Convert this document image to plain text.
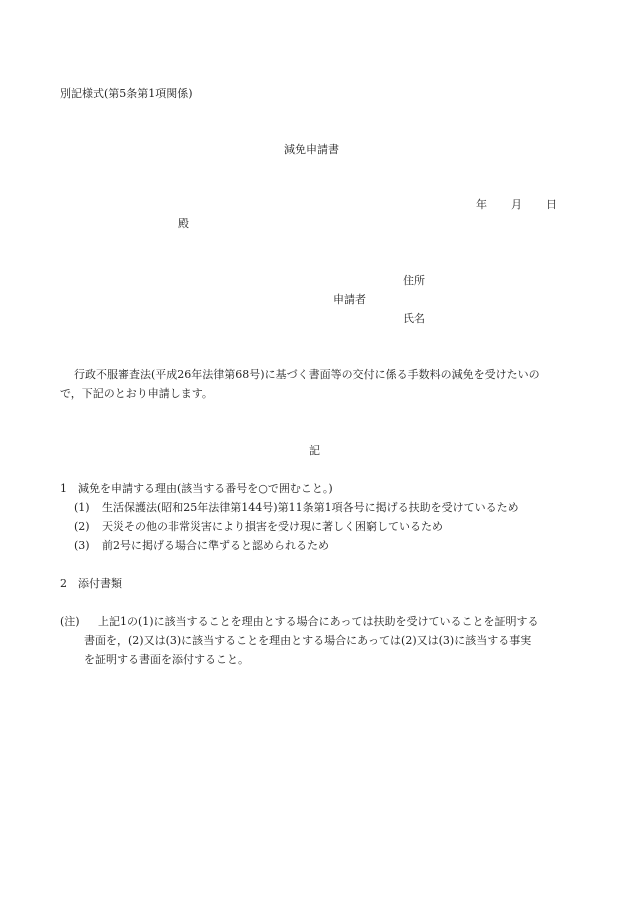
別記様式(第5条第1項関係)
減免申請書
年 月 日
殿
住所
申請者
氏名
行政不服審査法(平成26年法律第68号)に基づく書面等の交付に係る手数料の減免を受けたいの
で，下記のとおり申請します。
記
1 減免を申請する理由(該当する番号を○で囲むこと。)
(1) 生活保護法(昭和25年法律第144号)第11条第1項各号に掲げる扶助を受けているため
(2) 天災その他の非常災害により損害を受け現に著しく困窮しているため
(3) 前2号に掲げる場合に準ずると認められるため
2 添付書類
(注) 上記1の(1)に該当することを理由とする場合にあっては扶助を受けていることを証明する
書面を，(2)又は(3)に該当することを理由とする場合にあっては(2)又は(3)に該当する事実
を証明する書面を添付すること。
